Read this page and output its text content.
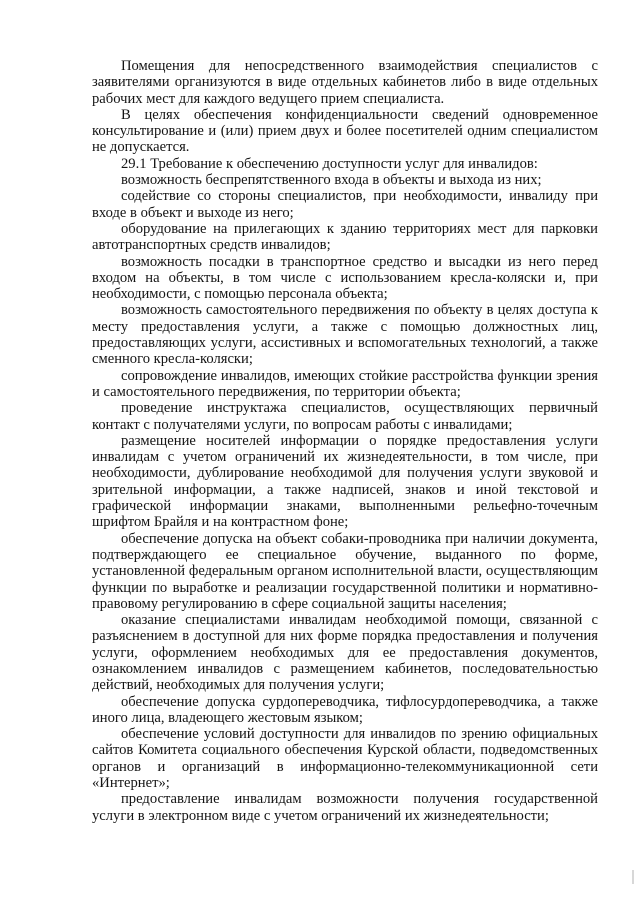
Помещения для непосредственного взаимодействия специалистов с заявителями организуются в виде отдельных кабинетов либо в виде отдельных рабочих мест для каждого ведущего прием специалиста.

В целях обеспечения конфиденциальности сведений одновременное консультирование и (или) прием двух и более посетителей одним специалистом не допускается.

29.1 Требование к обеспечению доступности услуг для инвалидов:

возможность беспрепятственного входа в объекты и выхода из них;

содействие со стороны специалистов, при необходимости, инвалиду при входе в объект и выходе из него;

оборудование на прилегающих к зданию территориях мест для парковки автотранспортных средств инвалидов;

возможность посадки в транспортное средство и высадки из него перед входом на объекты, в том числе с использованием кресла-коляски и, при необходимости, с помощью персонала объекта;

возможность самостоятельного передвижения по объекту в целях доступа к месту предоставления услуги, а также с помощью должностных лиц, предоставляющих услуги, ассистивных и вспомогательных технологий, а также сменного кресла-коляски;

сопровождение инвалидов, имеющих стойкие расстройства функции зрения и самостоятельного передвижения, по территории объекта;

проведение инструктажа специалистов, осуществляющих первичный контакт с получателями услуги, по вопросам работы с инвалидами;

размещение носителей информации о порядке предоставления услуги инвалидам с учетом ограничений их жизнедеятельности, в том числе, при необходимости, дублирование необходимой для получения услуги звуковой и зрительной информации, а также надписей, знаков и иной текстовой и графической информации знаками, выполненными рельефно-точечным шрифтом Брайля и на контрастном фоне;

обеспечение допуска на объект собаки-проводника при наличии документа, подтверждающего ее специальное обучение, выданного по форме, установленной федеральным органом исполнительной власти, осуществляющим функции по выработке и реализации государственной политики и нормативно-правовому регулированию в сфере социальной защиты населения;

оказание специалистами инвалидам необходимой помощи, связанной с разъяснением в доступной для них форме порядка предоставления и получения услуги, оформлением необходимых для ее предоставления документов, ознакомлением инвалидов с размещением кабинетов, последовательностью действий, необходимых для получения услуги;

обеспечение допуска сурдопереводчика, тифлосурдопереводчика, а также иного лица, владеющего жестовым языком;

обеспечение условий доступности для инвалидов по зрению официальных сайтов Комитета социального обеспечения Курской области, подведомственных органов и организаций в информационно-телекоммуникационной сети «Интернет»;

предоставление инвалидам возможности получения государственной услуги в электронном виде с учетом ограничений их жизнедеятельности;
